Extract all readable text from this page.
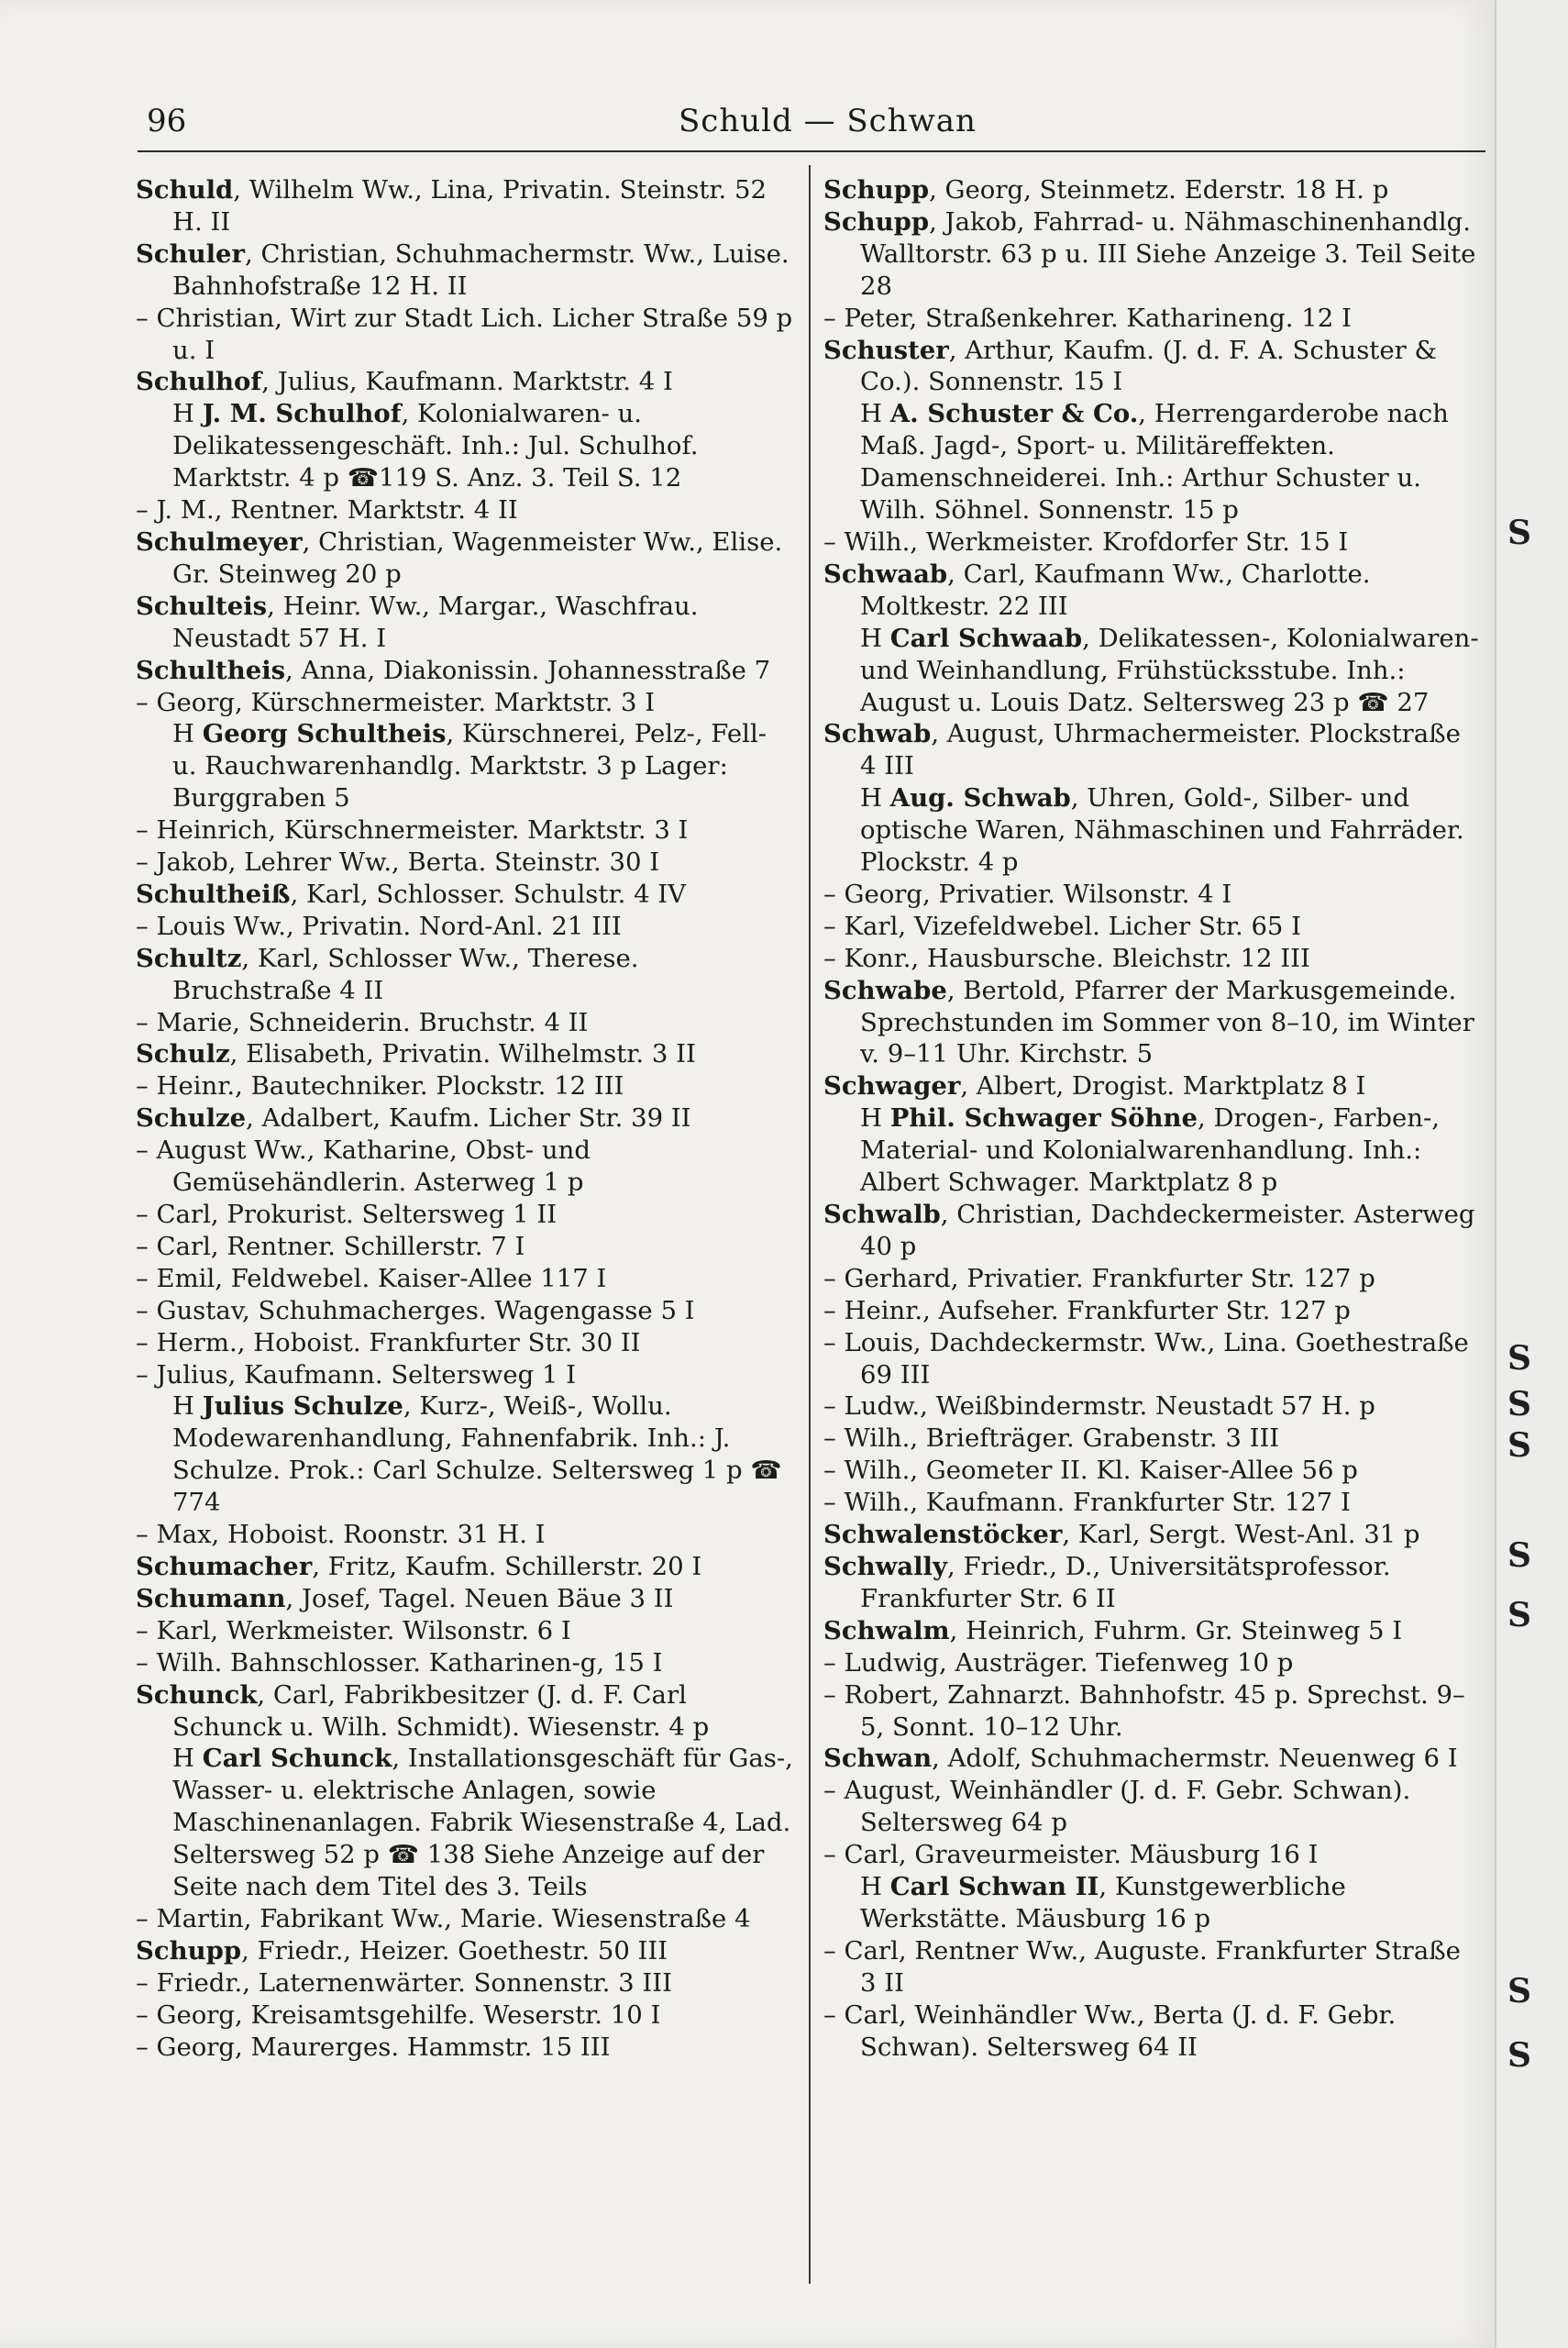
96	Schuld — Schwan

Schuld, Wilhelm Ww., Lina, Privatin. Steinstr. 52 H. II

Schuler, Christian, Schuhmachermstr. Ww., Luise. Bahnhofstraße 12 H. II

– Christian, Wirt zur Stadt Lich. Licher Straße 59 p u. I

Schulhof, Julius, Kaufmann. Marktstr. 4 I

H J. M. Schulhof, Kolonialwaren- u. Delikatessengeschäft. Inh.: Jul. Schulhof. Marktstr. 4 p ☎119 S. Anz. 3. Teil S. 12

– J. M., Rentner. Marktstr. 4 II

Schulmeyer, Christian, Wagenmeister Ww., Elise. Gr. Steinweg 20 p

Schulteis, Heinr. Ww., Margar., Waschfrau. Neustadt 57 H. I

Schultheis, Anna, Diakonissin. Johannesstraße 7

– Georg, Kürschnermeister. Marktstr. 3 I

H Georg Schultheis, Kürschnerei, Pelz-, Fell- u. Rauchwarenhandlg. Marktstr. 3 p Lager: Burggraben 5

– Heinrich, Kürschnermeister. Marktstr. 3 I

– Jakob, Lehrer Ww., Berta. Steinstr. 30 I

Schultheiß, Karl, Schlosser. Schulstr. 4 IV

– Louis Ww., Privatin. Nord-Anl. 21 III

Schultz, Karl, Schlosser Ww., Therese. Bruchstraße 4 II

– Marie, Schneiderin. Bruchstr. 4 II

Schulz, Elisabeth, Privatin. Wilhelmstr. 3 II

– Heinr., Bautechniker. Plockstr. 12 III

Schulze, Adalbert, Kaufm. Licher Str. 39 II

– August Ww., Katharine, Obst- und Gemüsehändlerin. Asterweg 1 p

– Carl, Prokurist. Seltersweg 1 II

– Carl, Rentner. Schillerstr. 7 I

– Emil, Feldwebel. Kaiser-Allee 117 I

– Gustav, Schuhmacherges. Wagengasse 5 I

– Herm., Hoboist. Frankfurter Str. 30 II

– Julius, Kaufmann. Seltersweg 1 I

H Julius Schulze, Kurz-, Weiß-, Wollu. Modewarenhandlung, Fahnenfabrik. Inh.: J. Schulze. Prok.: Carl Schulze. Seltersweg 1 p ☎ 774

– Max, Hoboist. Roonstr. 31 H. I

Schumacher, Fritz, Kaufm. Schillerstr. 20 I

Schumann, Josef, Tagel. Neuen Bäue 3 II

– Karl, Werkmeister. Wilsonstr. 6 I

– Wilh. Bahnschlosser. Katharinen-g, 15 I

Schunck, Carl, Fabrikbesitzer (J. d. F. Carl Schunck u. Wilh. Schmidt). Wiesenstr. 4 p

H Carl Schunck, Installationsgeschäft für Gas-, Wasser- u. elektrische Anlagen, sowie Maschinenanlagen. Fabrik Wiesenstraße 4, Lad. Seltersweg 52 p ☎ 138 Siehe Anzeige auf der Seite nach dem Titel des 3. Teils

– Martin, Fabrikant Ww., Marie. Wiesenstraße 4

Schupp, Friedr., Heizer. Goethestr. 50 III

– Friedr., Laternenwärter. Sonnenstr. 3 III

– Georg, Kreisamtsgehilfe. Weserstr. 10 I

– Georg, Maurerges. Hammstr. 15 III

Schupp, Georg, Steinmetz. Ederstr. 18 H. p

Schupp, Jakob, Fahrrad- u. Nähmaschinenhandlg. Walltorstr. 63 p u. III Siehe Anzeige 3. Teil Seite 28

– Peter, Straßenkehrer. Katharineng. 12 I

Schuster, Arthur, Kaufm. (J. d. F. A. Schuster & Co.). Sonnenstr. 15 I

H A. Schuster & Co., Herrengarderobe nach Maß. Jagd-, Sport- u. Militäreffekten. Damenschneiderei. Inh.: Arthur Schuster u. Wilh. Söhnel. Sonnenstr. 15 p

– Wilh., Werkmeister. Krofdorfer Str. 15 I

Schwaab, Carl, Kaufmann Ww., Charlotte. Moltkestr. 22 III

H Carl Schwaab, Delikatessen-, Kolonialwaren- und Weinhandlung, Frühstücksstube. Inh.: August u. Louis Datz. Seltersweg 23 p ☎ 27

Schwab, August, Uhrmachermeister. Plockstraße 4 III

H Aug. Schwab, Uhren, Gold-, Silber- und optische Waren, Nähmaschinen und Fahrräder. Plockstr. 4 p

– Georg, Privatier. Wilsonstr. 4 I

– Karl, Vizefeldwebel. Licher Str. 65 I

– Konr., Hausbursche. Bleichstr. 12 III

Schwabe, Bertold, Pfarrer der Markusgemeinde. Sprechstunden im Sommer von 8–10, im Winter v. 9–11 Uhr. Kirchstr. 5

Schwager, Albert, Drogist. Marktplatz 8 I

H Phil. Schwager Söhne, Drogen-, Farben-, Material- und Kolonialwarenhandlung. Inh.: Albert Schwager. Marktplatz 8 p

Schwalb, Christian, Dachdeckermeister. Asterweg 40 p

– Gerhard, Privatier. Frankfurter Str. 127 p

– Heinr., Aufseher. Frankfurter Str. 127 p

– Louis, Dachdeckermstr. Ww., Lina. Goethestraße 69 III

– Ludw., Weißbindermstr. Neustadt 57 H. p

– Wilh., Briefträger. Grabenstr. 3 III

– Wilh., Geometer II. Kl. Kaiser-Allee 56 p

– Wilh., Kaufmann. Frankfurter Str. 127 I

Schwalenstöcker, Karl, Sergt. West-Anl. 31 p

Schwally, Friedr., D., Universitätsprofessor. Frankfurter Str. 6 II

Schwalm, Heinrich, Fuhrm. Gr. Steinweg 5 I

– Ludwig, Austräger. Tiefenweg 10 p

– Robert, Zahnarzt. Bahnhofstr. 45 p. Sprechst. 9–5, Sonnt. 10–12 Uhr.

Schwan, Adolf, Schuhmachermstr. Neuenweg 6 I

– August, Weinhändler (J. d. F. Gebr. Schwan). Seltersweg 64 p

– Carl, Graveurmeister. Mäusburg 16 I

H Carl Schwan II, Kunstgewerbliche Werkstätte. Mäusburg 16 p

– Carl, Rentner Ww., Auguste. Frankfurter Straße 3 II

– Carl, Weinhändler Ww., Berta (J. d. F. Gebr. Schwan). Seltersweg 64 II

S
S
S
S
S
S
S
S
